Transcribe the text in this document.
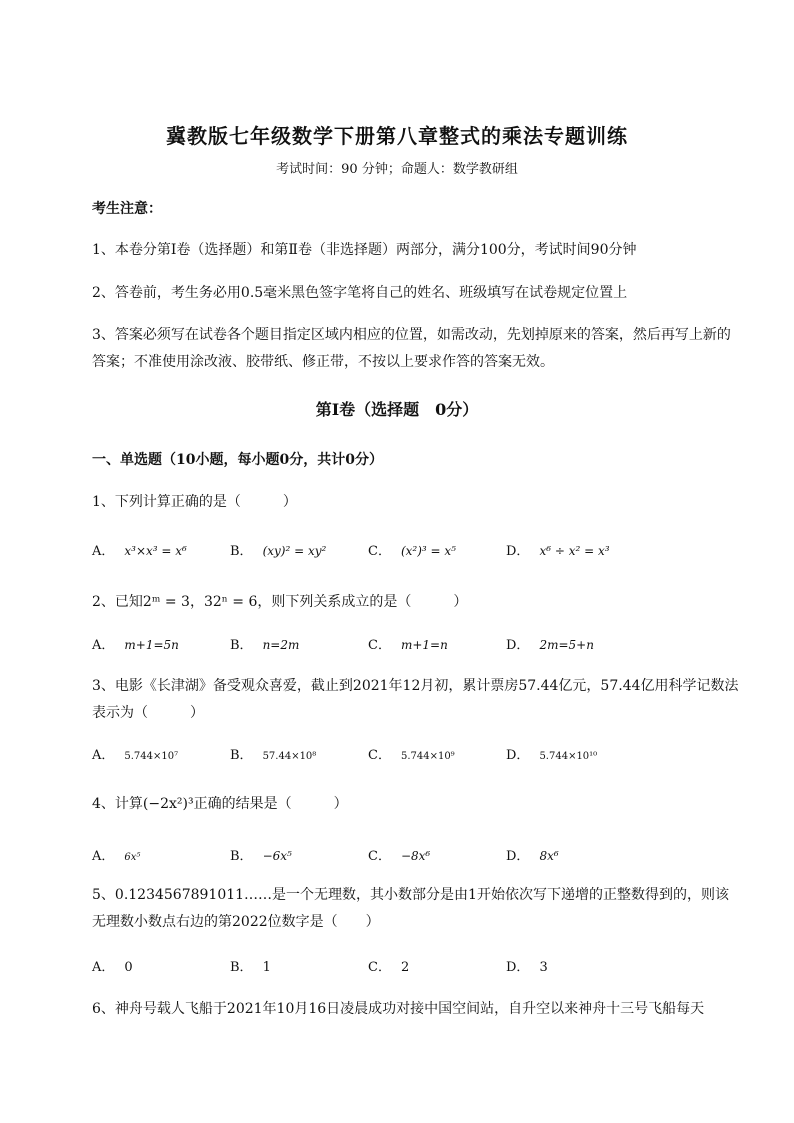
冀教版七年级数学下册第八章整式的乘法专题训练
考试时间：90 分钟；命题人：数学教研组
考生注意：
1、本卷分第Ⅰ卷（选择题）和第Ⅱ卷（非选择题）两部分，满分100分，考试时间90分钟
2、答卷前，考生务必用0.5毫米黑色签字笔将自己的姓名、班级填写在试卷规定位置上
3、答案必须写在试卷各个题目指定区域内相应的位置，如需改动，先划掉原来的答案，然后再写上新的答案；不准使用涂改液、胶带纸、修正带，不按以上要求作答的答案无效。
第Ⅰ卷（选择题　0分）
一、单选题（10小题，每小题0分，共计0分）
1、下列计算正确的是（　　　）
A． x³×x³ = x⁶	B． (xy)² = xy²	C． (x²)³ = x⁵	D． x⁶ ÷ x² = x³
2、已知2ᵐ = 3，32ⁿ = 6，则下列关系成立的是（　　　）
A． m+1=5n	B． n=2m	C． m+1=n	D． 2m=5+n
3、电影《长津湖》备受观众喜爱，截止到2021年12月初，累计票房57.44亿元，57.44亿用科学记数法表示为（　　　）
A． 5.744×10⁷	B． 57.44×10⁸	C． 5.744×10⁹	D． 5.744×10¹⁰
4、计算(−2x²)³正确的结果是（　　　）
A． 6x⁵	B． −6x⁵	C． −8x⁶	D． 8x⁶
5、0.1234567891011……是一个无理数，其小数部分是由1开始依次写下递增的正整数得到的，则该无理数小数点右边的第2022位数字是（　　）
A． 0	B． 1	C． 2	D． 3
6、神舟号载人飞船于2021年10月16日凌晨成功对接中国空间站，自升空以来神舟十三号飞船每天
